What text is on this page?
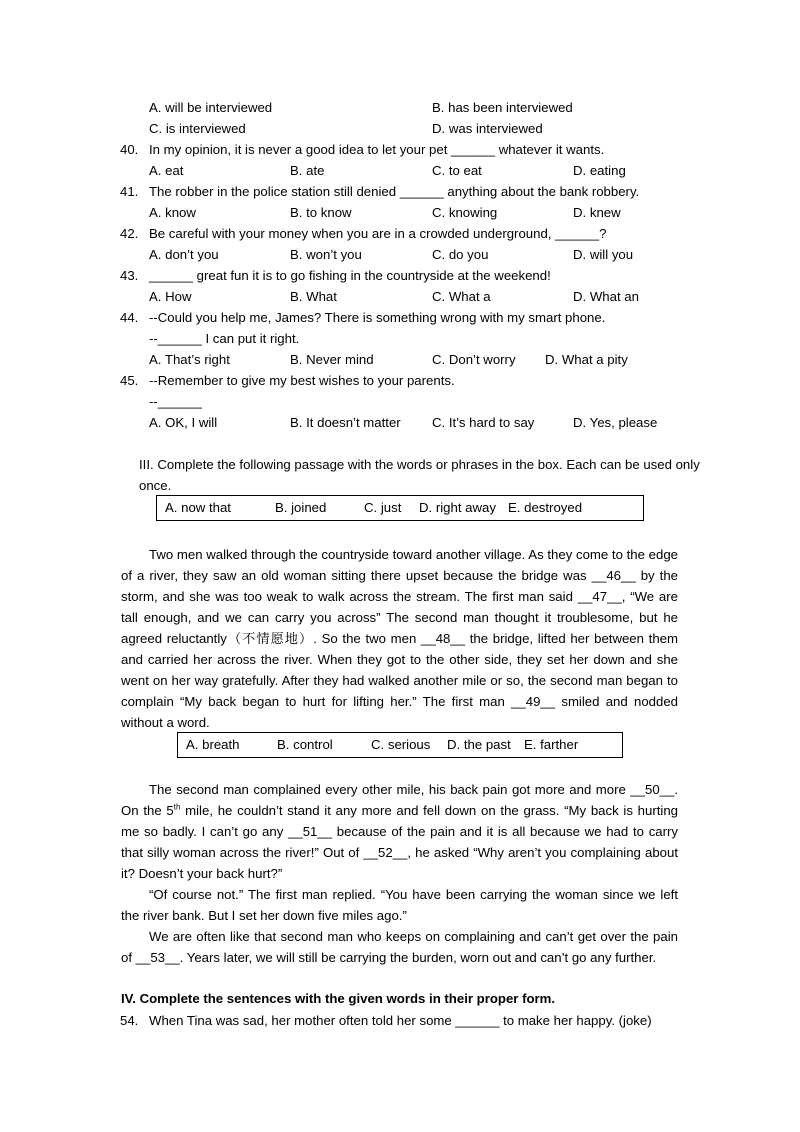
A. will be interviewed	B. has been interviewed
C. is interviewed	D. was interviewed
40. In my opinion, it is never a good idea to let your pet ______ whatever it wants.
A. eat	B. ate	C. to eat	D. eating
41. The robber in the police station still denied ______ anything about the bank robbery.
A. know	B. to know	C. knowing	D. knew
42. Be careful with your money when you are in a crowded underground, ______?
A. don’t you	B. won’t you	C. do you	D. will you
43. ______ great fun it is to go fishing in the countryside at the weekend!
A. How	B. What	C. What a	D. What an
44. --Could you help me, James? There is something wrong with my smart phone.
--______ I can put it right.
A. That’s right	B. Never mind	C. Don’t worry D. What a pity
45. --Remember to give my best wishes to your parents.
--______
A. OK, I will	B. It doesn’t matter C. It’s hard to say	D. Yes, please
III. Complete the following passage with the words or phrases in the box. Each can be used only
once.
A. now that	B. joined	C. just D. right away E. destroyed

Two men walked through the countryside toward another village. As they come to the edge of a river, they saw an old woman sitting there upset because the bridge was __46__ by the storm, and she was too weak to walk across the stream. The first man said __47__, “We are tall enough, and we can carry you across” The second man thought it troublesome, but he agreed reluctantly（不情愿地）. So the two men __48__ the bridge, lifted her between them and carried her across the river. When they got to the other side, they set her down and she went on her way gratefully. After they had walked another mile or so, the second man began to complain “My back began to hurt for lifting her.” The first man __49__ smiled and nodded without a word.

A. breath	B. control	C. serious D. the past E. farther

The second man complained every other mile, his back pain got more and more __50__. On the 5th mile, he couldn’t stand it any more and fell down on the grass. “My back is hurting me so badly. I can’t go any __51__ because of the pain and it is all because we had to carry that silly woman across the river!” Out of __52__, he asked “Why aren’t you complaining about it? Doesn’t your back hurt?”

“Of course not.” The first man replied. “You have been carrying the woman since we left the river bank. But I set her down five miles ago.”

We are often like that second man who keeps on complaining and can’t get over the pain of __53__. Years later, we will still be carrying the burden, worn out and can’t go any further.

IV. Complete the sentences with the given words in their proper form.
54. When Tina was sad, her mother often told her some ______ to make her happy. (joke)
